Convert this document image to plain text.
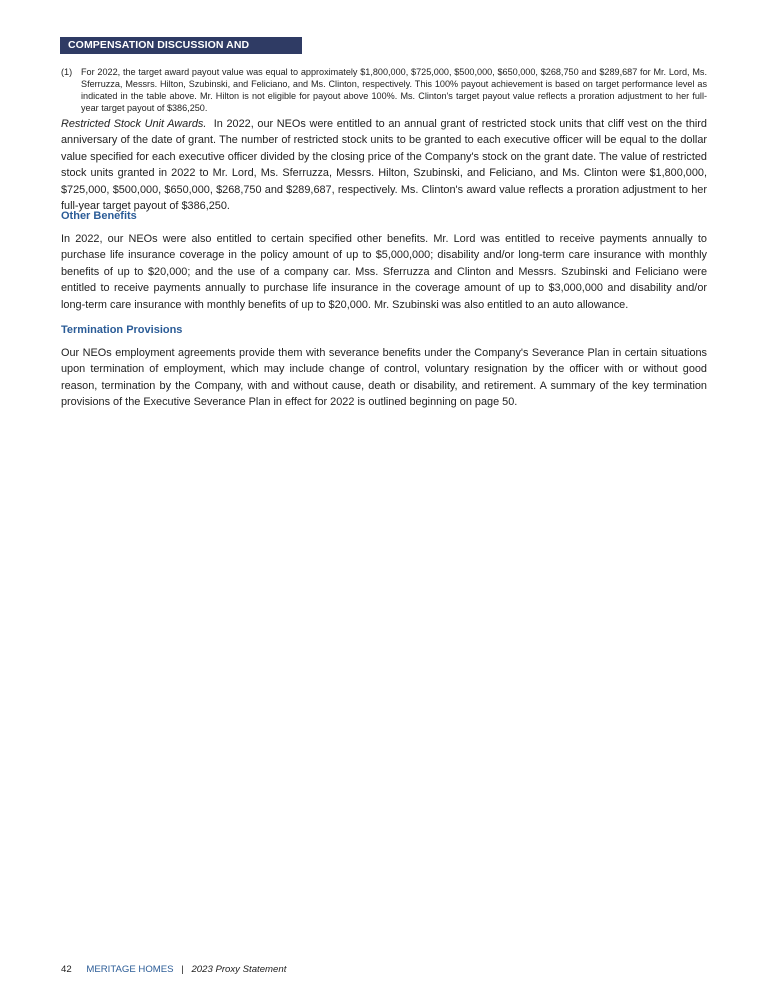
COMPENSATION DISCUSSION AND ANALYSIS
(1) For 2022, the target award payout value was equal to approximately $1,800,000, $725,000, $500,000, $650,000, $268,750 and $289,687 for Mr. Lord, Ms. Sferruzza, Messrs. Hilton, Szubinski, and Feliciano, and Ms. Clinton, respectively. This 100% payout achievement is based on target performance level as indicated in the table above. Mr. Hilton is not eligible for payout above 100%. Ms. Clinton's target payout value reflects a proration adjustment to her full-year target payout of $386,250.
Restricted Stock Unit Awards. In 2022, our NEOs were entitled to an annual grant of restricted stock units that cliff vest on the third anniversary of the date of grant. The number of restricted stock units to be granted to each executive officer will be equal to the dollar value specified for each executive officer divided by the closing price of the Company's stock on the grant date. The value of restricted stock units granted in 2022 to Mr. Lord, Ms. Sferruzza, Messrs. Hilton, Szubinski, and Feliciano, and Ms. Clinton were $1,800,000, $725,000, $500,000, $650,000, $268,750 and $289,687, respectively. Ms. Clinton's award value reflects a proration adjustment to her full-year target payout of $386,250.
Other Benefits
In 2022, our NEOs were also entitled to certain specified other benefits. Mr. Lord was entitled to receive payments annually to purchase life insurance coverage in the policy amount of up to $5,000,000; disability and/or long-term care insurance with monthly benefits of up to $20,000; and the use of a company car. Mss. Sferruzza and Clinton and Messrs. Szubinski and Feliciano were entitled to receive payments annually to purchase life insurance in the coverage amount of up to $3,000,000 and disability and/or long-term care insurance with monthly benefits of up to $20,000. Mr. Szubinski was also entitled to an auto allowance.
Termination Provisions
Our NEOs employment agreements provide them with severance benefits under the Company's Severance Plan in certain situations upon termination of employment, which may include change of control, voluntary resignation by the officer with or without good reason, termination by the Company, with and without cause, death or disability, and retirement. A summary of the key termination provisions of the Executive Severance Plan in effect for 2022 is outlined beginning on page 50.
42 MERITAGE HOMES | 2023 Proxy Statement
